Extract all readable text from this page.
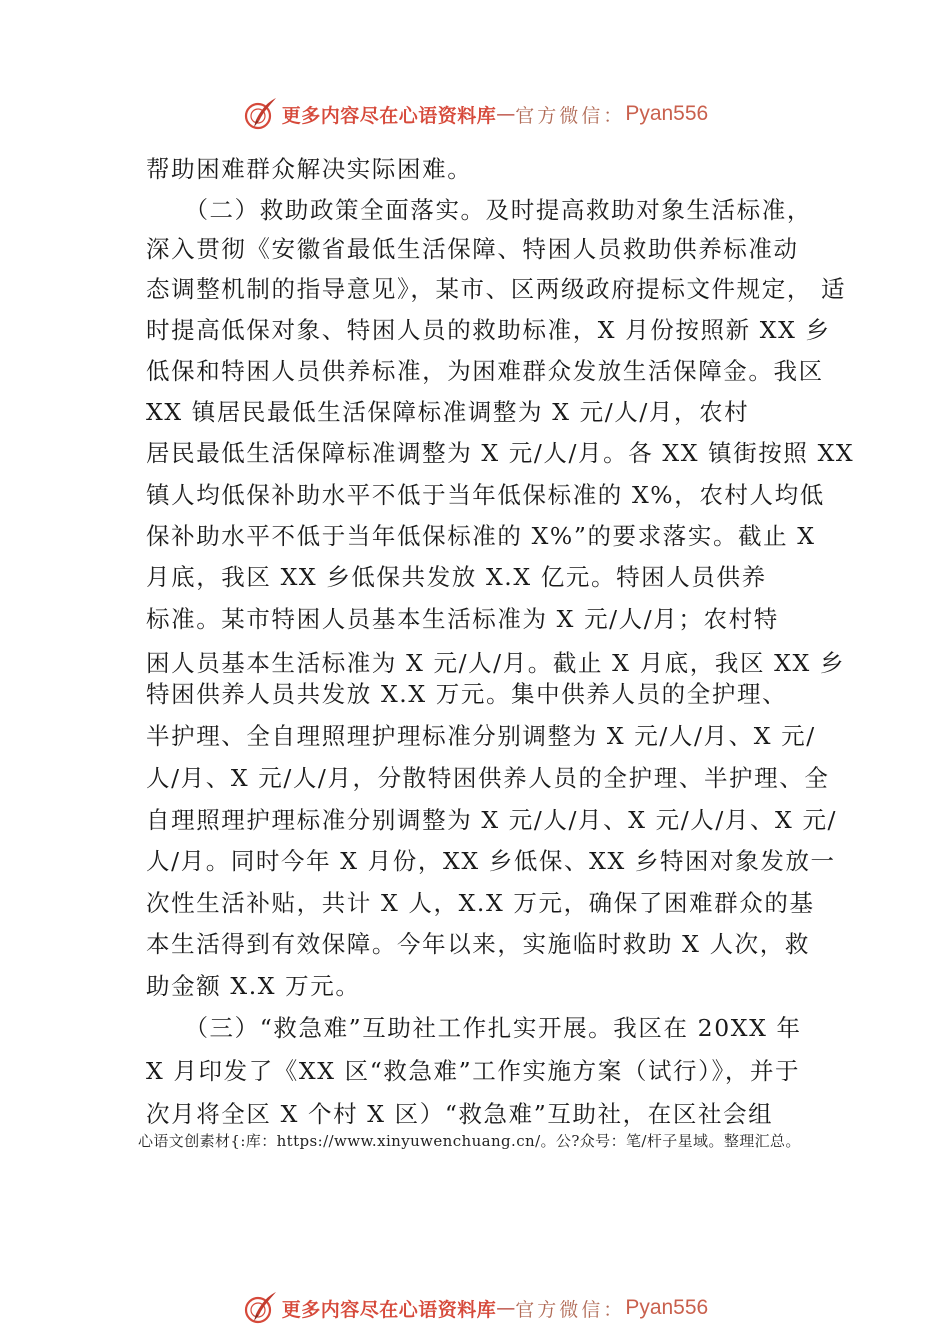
更多内容尽在心语资料库 — 官方微信： Pyan556
帮助困难群众解决实际困难。
　　（二）救助政策全面落实。及时提高救助对象生活标准，
深入贯彻《安徽省最低生活保障、特困人员救助供养标准动
态调整机制的指导意见》，某市、区两级政府提标文件规定， 适
时提高低保对象、特困人员的救助标准，X 月份按照新 XX 乡
低保和特困人员供养标准，为困难群众发放生活保障金。我区
XX 镇居民最低生活保障标准调整为 X 元/人/月，农村
居民最低生活保障标准调整为 X 元/人/月。各 XX 镇街按照 XX
镇人均低保补助水平不低于当年低保标准的 X%，农村人均低
保补助水平不低于当年低保标准的 X%”的要求落实。截止 X
月底，我区 XX 乡低保共发放 X.X 亿元。特困人员供养
标准。某市特困人员基本生活标准为 X 元/人/月；农村特
困人员基本生活标准为 X 元/人/月。截止 X 月底，我区 XX 乡
特困供养人员共发放 X.X 万元。集中供养人员的全护理、
半护理、全自理照理护理标准分别调整为 X 元/人/月、X 元/
人/月、X 元/人/月，分散特困供养人员的全护理、半护理、全
自理照理护理标准分别调整为 X 元/人/月、X 元/人/月、X 元/
人/月。同时今年 X 月份，XX 乡低保、XX 乡特困对象发放一
次性生活补贴，共计 X 人，X.X 万元，确保了困难群众的基
本生活得到有效保障。今年以来，实施临时救助 X 人次，救
助金额 X.X 万元。
　　（三）“救急难”互助社工作扎实开展。我区在 20XX 年
X 月印发了《XX 区“救急难”工作实施方案（试行）》，并于
次月将全区 X 个村 X 区）“救急难”互助社，在区社会组
心语文创素材{:库：https://www.xinyuwenchuang.cn/。公?众号：笔/杆子星域。整理汇总。
更多内容尽在心语资料库 — 官方微信： Pyan556
